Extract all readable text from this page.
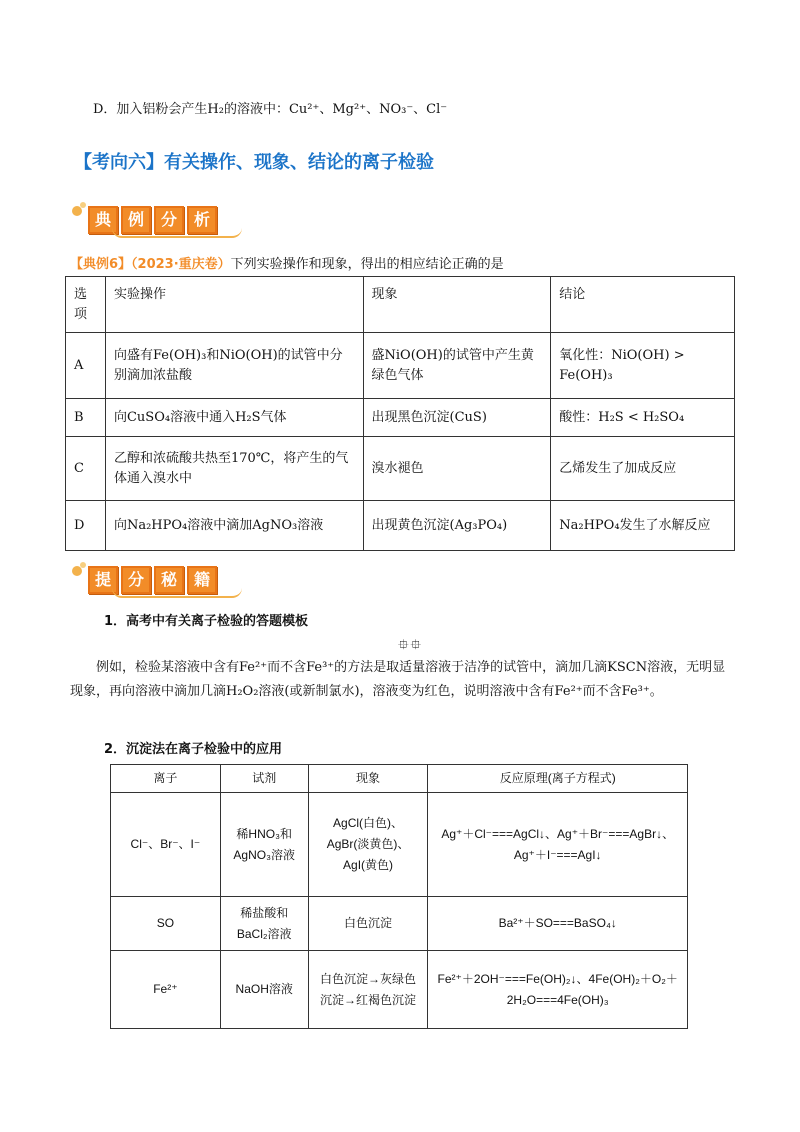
D．加入铝粉会产生H₂的溶液中：Cu²⁺、Mg²⁺、NO₃⁻、Cl⁻
【考向六】有关操作、现象、结论的离子检验
典	例	分	析
【典例6】（2023·重庆卷）下列实验操作和现象，得出的相应结论正确的是
选项	实验操作	现象	结论
A	向盛有Fe(OH)₃和NiO(OH)的试管中分别滴加浓盐酸	盛NiO(OH)的试管中产生黄绿色气体	氧化性：NiO(OH) > Fe(OH)₃
B	向CuSO₄溶液中通入H₂S气体	出现黑色沉淀(CuS)	酸性：H₂S < H₂SO₄
C	乙醇和浓硫酸共热至170℃，将产生的气体通入溴水中	溴水褪色	乙烯发生了加成反应
D	向Na₂HPO₄溶液中滴加AgNO₃溶液	出现黄色沉淀(Ag₃PO₄)	Na₂HPO₄发生了水解反应
提	分	秘	籍
1．高考中有关离子检验的答题模板
⯐⯐
例如，检验某溶液中含有Fe²⁺而不含Fe³⁺的方法是取适量溶液于洁净的试管中，滴加几滴KSCN溶液，无明显现象，再向溶液中滴加几滴H₂O₂溶液(或新制氯水)，溶液变为红色，说明溶液中含有Fe²⁺而不含Fe³⁺。
2．沉淀法在离子检验中的应用
离子	试剂	现象	反应原理(离子方程式)
Cl⁻、Br⁻、I⁻	稀HNO₃和AgNO₃溶液	AgCl(白色)、AgBr(淡黄色)、AgI(黄色)	Ag⁺＋Cl⁻===AgCl↓、Ag⁺＋Br⁻===AgBr↓、Ag⁺＋I⁻===AgI↓
SO	稀盐酸和BaCl₂溶液	白色沉淀	Ba²⁺＋SO===BaSO₄↓
Fe²⁺	NaOH溶液	白色沉淀→灰绿色沉淀→红褐色沉淀	Fe²⁺＋2OH⁻===Fe(OH)₂↓、4Fe(OH)₂＋O₂＋2H₂O===4Fe(OH)₃
